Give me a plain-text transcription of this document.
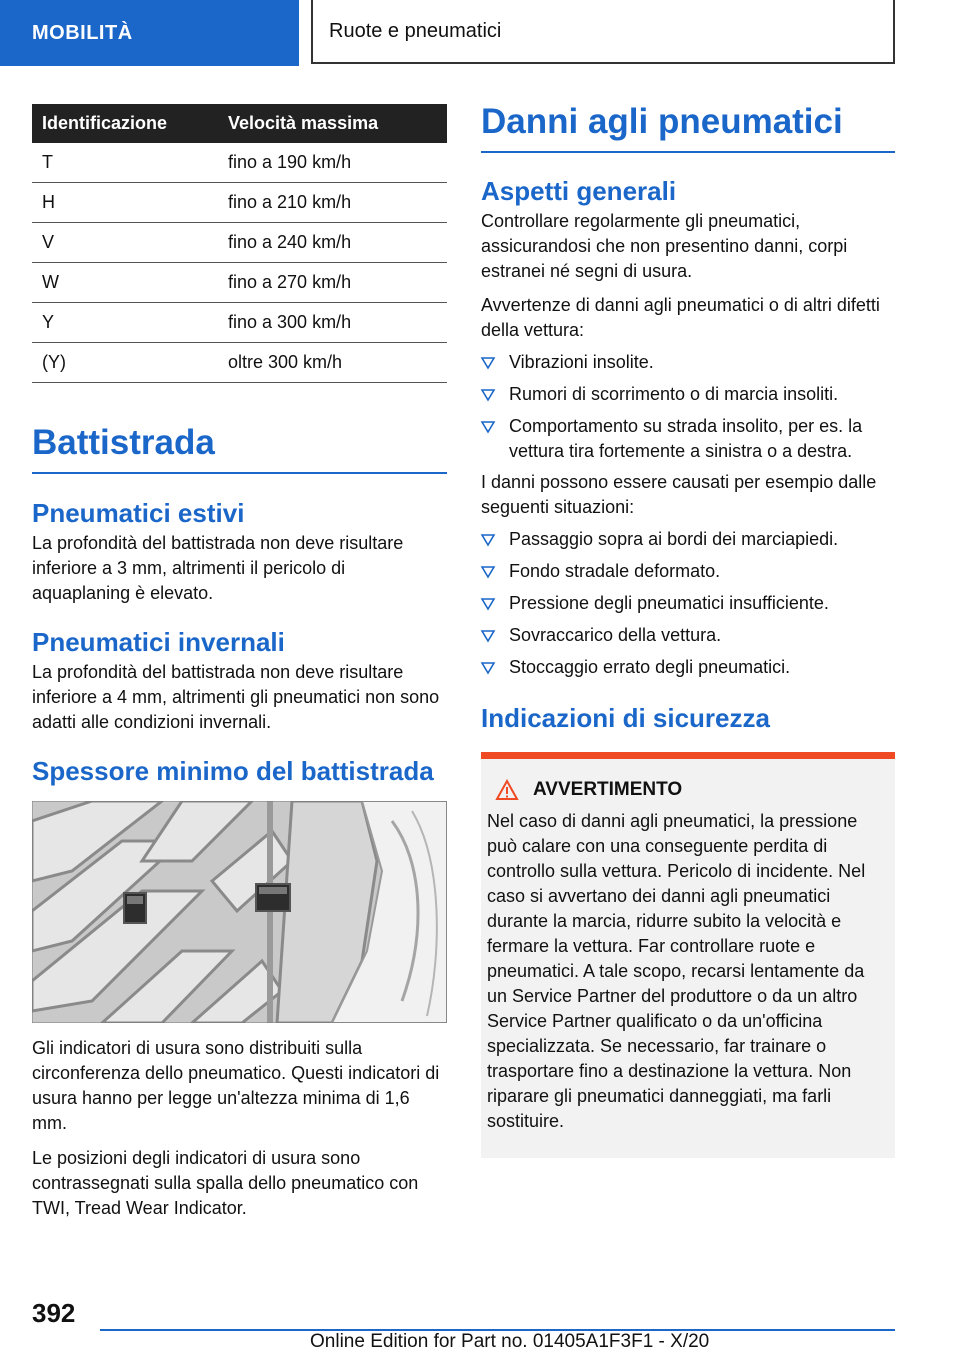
MOBILITÀ	Ruote e pneumatici
Identificazione	Velocità massima
T	fino a 190 km/h
H	fino a 210 km/h
V	fino a 240 km/h
W	fino a 270 km/h
Y	fino a 300 km/h
(Y)	oltre 300 km/h
Battistrada
Pneumatici estivi

La profondità del battistrada non deve risultare inferiore a 3 mm, altrimenti il pericolo di aquaplaning è elevato.

Pneumatici invernali

La profondità del battistrada non deve risultare inferiore a 4 mm, altrimenti gli pneumatici non sono adatti alle condizioni invernali.

Spessore minimo del battistrada

Gli indicatori di usura sono distribuiti sulla circonferenza dello pneumatico. Questi indicatori di usura hanno per legge un'altezza minima di 1,6 mm.

Le posizioni degli indicatori di usura sono contrassegnati sulla spalla dello pneumatico con TWI, Tread Wear Indicator.

Danni agli pneumatici
Aspetti generali

Controllare regolarmente gli pneumatici, assicurandosi che non presentino danni, corpi estranei né segni di usura.

Avvertenze di danni agli pneumatici o di altri difetti della vettura:

Vibrazioni insolite.
Rumori di scorrimento o di marcia insoliti.
Comportamento su strada insolito, per es. la vettura tira fortemente a sinistra o a destra.

I danni possono essere causati per esempio dalle seguenti situazioni:

Passaggio sopra ai bordi dei marciapiedi.
Fondo stradale deformato.
Pressione degli pneumatici insufficiente.
Sovraccarico della vettura.
Stoccaggio errato degli pneumatici.
Indicazioni di sicurezza
AVVERTIMENTO

Nel caso di danni agli pneumatici, la pressione può calare con una conseguente perdita di controllo sulla vettura. Pericolo di incidente. Nel caso si avvertano dei danni agli pneumatici durante la marcia, ridurre subito la velocità e fermare la vettura. Far controllare ruote e pneumatici. A tale scopo, recarsi lentamente da un Service Partner del produttore o da un altro Service Partner qualificato o da un'officina specializzata. Se necessario, far trainare o trasportare fino a destinazione la vettura. Non riparare gli pneumatici danneggiati, ma farli sostituire.

392
Online Edition for Part no. 01405A1F3F1 - X/20
